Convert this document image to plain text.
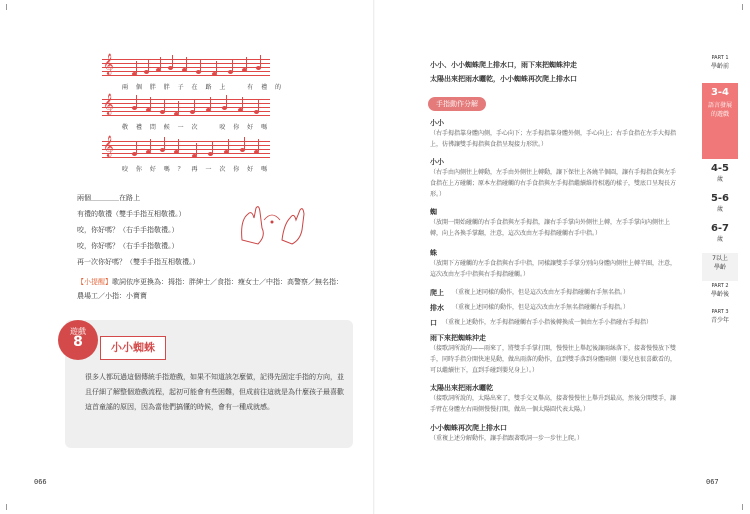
𝄞
兩 個 胖 胖 子 在 路 上 　 有 禮 的
𝄞
敬 禮 問 候 一 次 　 咬 你 好 嗎
𝄞
咬 你 好 嗎 ？ 再 一 次 你 好 嗎
兩個＿＿＿＿在路上
有禮的敬禮（雙手手指互相敬禮。）
咬，你好嗎？（右手手指敬禮。）
咬，你好嗎？（右手手指敬禮。）
再一次你好嗎？（雙手手指互相敬禮。）
【小提醒】歌詞依序更換為：拇指：胖紳士／食指：瘦女士／中指：高警察／無名指：農場工／小指：小寶寶
遊戲
8	小小蜘蛛
很多人都玩過這個傳統手指遊戲，如果不知道該怎麼做，記得先固定手指的方向，並且仔細了解整個遊戲流程，起初可能會有些困難，但成前往這就是為什麼孩子最喜歡這首童謠的原因，因為當他們搞懂的時候，會有一種成就感。
066
小小、小小蜘蛛爬上排水口，雨下來把蜘蛛沖走
太陽出來把雨水曬乾，小小蜘蛛再次爬上排水口
手指動作分解
小小
（右手拇指靠身體內側，手心向下；左手拇指靠身體外側，手心向上；右手食指在左手大拇指上，彷彿讓雙手拇指與食指呈現接力形狀。）
小小
（右手由內側往上轉動，左手由外側往上轉動，讓下保往上各繞半個圓，讓有手拇指食與左手食指在上方碰觸；原本左指碰觸的右手食指與左手拇指繼續維持相遇的樣子，雙底口呈現長方形。）
蜘
（放開一開始碰觸的右手食指與左手拇指，讓右手手掌向外側往上轉，左手手掌向內側往上轉，向上各換手掌翻，注意，這次改由左手拇指碰觸右手中指。）
蛛
（放開下方碰觸的左手食指與右手中指，同樣讓雙手手掌分別向身體內側往上轉半圈，注意，這次改由左手中指與右手拇指碰觸。）
爬上 （重複上述同樣的動作，但是這次改由左手拇指碰觸右手無名指。）
排水 （重複上述同樣的動作，但是這次改由左手無名指碰觸右手拇指。）
口 （重複上述動作，左手拇指碰觸右手小指後轉換成一個由左手小指碰右手拇指）
雨下來把蜘蛛沖走
（接歌詞所說的——雨來了，將雙手手掌打開，慢慢往上舉起後讓雨絲落下，接著慢慢放下雙手，同時手指分開快速晃動，做出雨落的動作，直到雙手落到身體兩側（嬰兒也很喜歡看的，可以繼續往下，直到手碰到嬰兒身上）。）
太陽出來把雨水曬乾
（接歌詞所說的，太陽出來了，雙手交叉舉高，接著慢慢往上舉升到最高，然後分開雙手，讓手臂在身體左右兩側慢慢打開，做出一個太陽圓代表太陽。）
小小蜘蛛再次爬上排水口
（重複上述分解動作，讓手指跟著歌詞一步一步往上爬。）
PART 1
學齡前
3-4
語言發展的遊戲
4-5
歲
5-6
歲
6-7
歲
7以上
學齡
PART 2
學齡後
PART 3
青少年
067
